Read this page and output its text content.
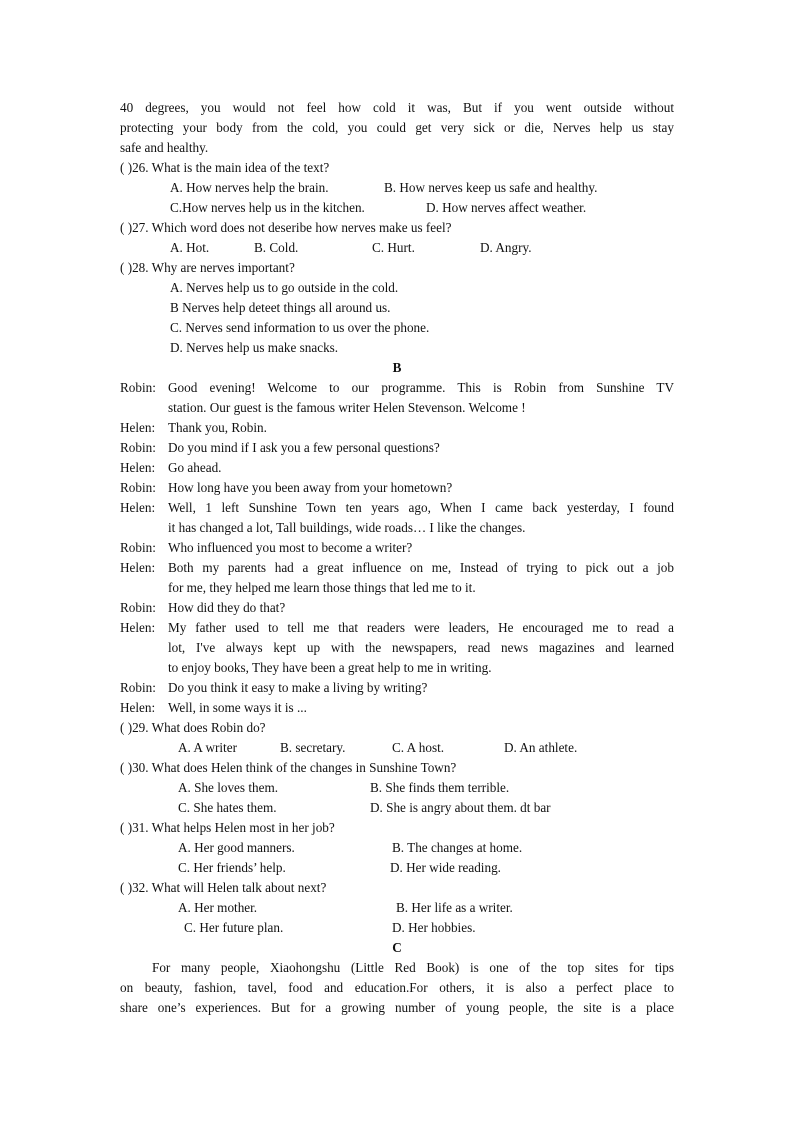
40 degrees, you would not feel how cold it was, But if you went outside without
protecting your body from the cold, you could get very sick or die, Nerves help us stay
safe and healthy.
( )26. What is the main idea of the text?
A. How nerves help the brain.	B. How nerves keep us safe and healthy.
C.How nerves help us in the kitchen.	D. How nerves affect weather.
( )27. Which word does not deseribe how nerves make us feel?
A. Hot.	B. Cold.	C. Hurt.	D. Angry.
( )28. Why are nerves important?
A. Nerves help us to go outside in the cold.
B Nerves help deteet things all around us.
C. Nerves send information to us over the phone.
D. Nerves help us make snacks.
B
Robin: Good evening! Welcome to our programme. This is Robin from Sunshine TV
station. Our guest is the famous writer Helen Stevenson. Welcome !
Helen: Thank you, Robin.
Robin: Do you mind if I ask you a few personal questions?
Helen: Go ahead.
Robin: How long have you been away from your hometown?
Helen: Well, 1 left Sunshine Town ten years ago, When I came back yesterday, I found
it has changed a lot, Tall buildings, wide roads… I like the changes.
Robin: Who influenced you most to become a writer?
Helen: Both my parents had a great influence on me, Instead of trying to pick out a job
for me, they helped me learn those things that led me to it.
Robin: How did they do that?
Helen: My father used to tell me that readers were leaders, He encouraged me to read a
lot, I've always kept up with the newspapers, read news magazines and learned
to enjoy books, They have been a great help to me in writing.
Robin: Do you think it easy to make a living by writing?
Helen: Well, in some ways it is ...
( )29. What does Robin do?
A. A writer	B. secretary.	C. A host.	D. An athlete.
( )30. What does Helen think of the changes in Sunshine Town?
A. She loves them.	B. She finds them terrible.
C. She hates them.	D. She is angry about them. dt bar
( )31. What helps Helen most in her job?
A. Her good manners.	B. The changes at home.
C. Her friends’ help.	D. Her wide reading.
( )32. What will Helen talk about next?
A. Her mother.	B. Her life as a writer.
C. Her future plan.	D. Her hobbies.
C
For many people, Xiaohongshu (Little Red Book) is one of the top sites for tips
on beauty, fashion, tavel, food and education.For others, it is also a perfect place to
share one’s experiences. But for a growing number of young people, the site is a place
